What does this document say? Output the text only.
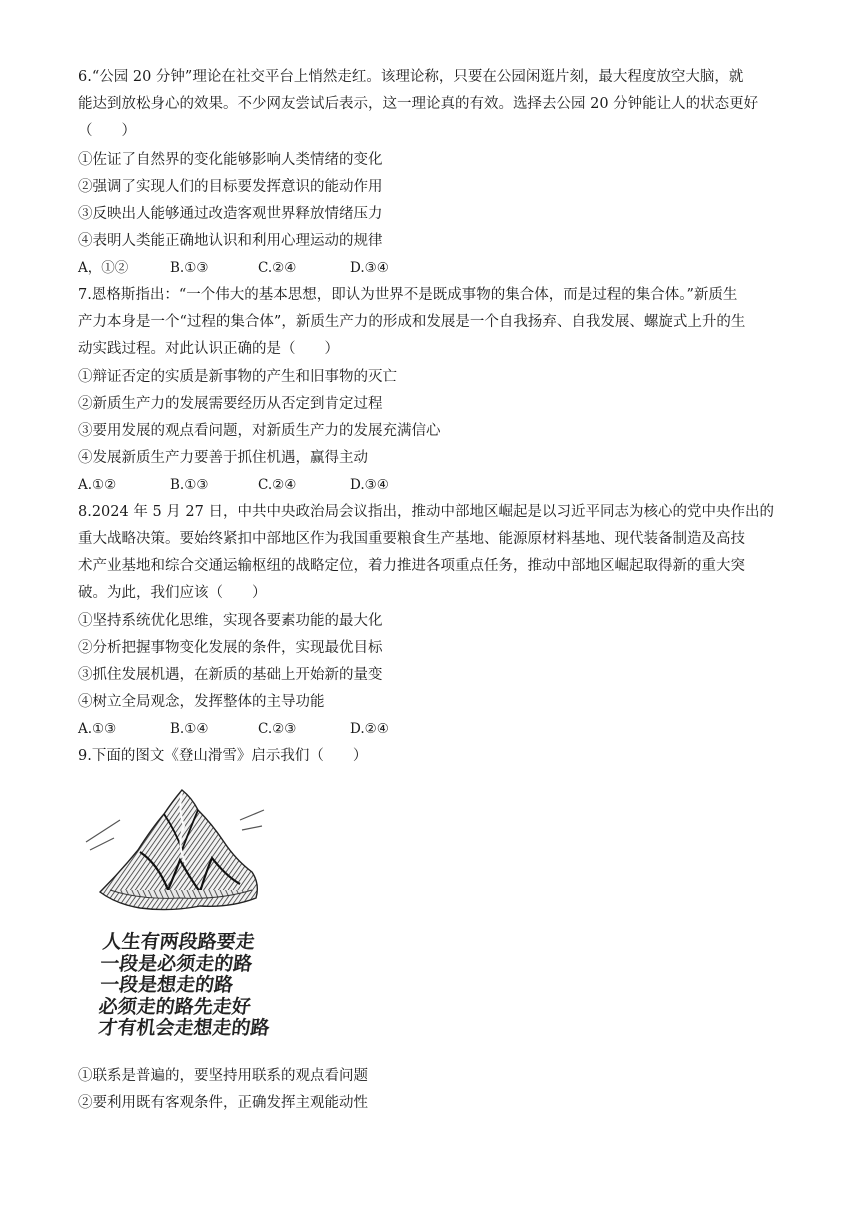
6.“公园 20 分钟”理论在社交平台上悄然走红。该理论称，只要在公园闲逛片刻，最大程度放空大脑，就
能达到放松身心的效果。不少网友尝试后表示，这一理论真的有效。选择去公园 20 分钟能让人的状态更好
（　　）
①佐证了自然界的变化能够影响人类情绪的变化
②强调了实现人们的目标要发挥意识的能动作用
③反映出人能够通过改造客观世界释放情绪压力
④表明人类能正确地认识和利用心理运动的规律
A，①②	B.①③	C.②④	D.③④
7.恩格斯指出：“一个伟大的基本思想，即认为世界不是既成事物的集合体，而是过程的集合体。”新质生
产力本身是一个“过程的集合体”，新质生产力的形成和发展是一个自我扬弃、自我发展、螺旋式上升的生
动实践过程。对此认识正确的是（　　）
①辩证否定的实质是新事物的产生和旧事物的灭亡
②新质生产力的发展需要经历从否定到肯定过程
③要用发展的观点看问题，对新质生产力的发展充满信心
④发展新质生产力要善于抓住机遇，赢得主动
A.①②	B.①③	C.②④	D.③④
8.2024 年 5 月 27 日，中共中央政治局会议指出，推动中部地区崛起是以习近平同志为核心的党中央作出的
重大战略决策。要始终紧扣中部地区作为我国重要粮食生产基地、能源原材料基地、现代装备制造及高技
术产业基地和综合交通运输枢纽的战略定位，着力推进各项重点任务，推动中部地区崛起取得新的重大突
破。为此，我们应该（　　）
①坚持系统优化思维，实现各要素功能的最大化
②分析把握事物变化发展的条件，实现最优目标
③抓住发展机遇，在新质的基础上开始新的量变
④树立全局观念，发挥整体的主导功能
A.①③	B.①④	C.②③	D.②④
9.下面的图文《登山滑雪》启示我们（　　）
人生有两段路要走
一段是必须走的路
一段是想走的路
必须走的路先走好
才有机会走想走的路
①联系是普遍的，要坚持用联系的观点看问题
②要利用既有客观条件，正确发挥主观能动性
